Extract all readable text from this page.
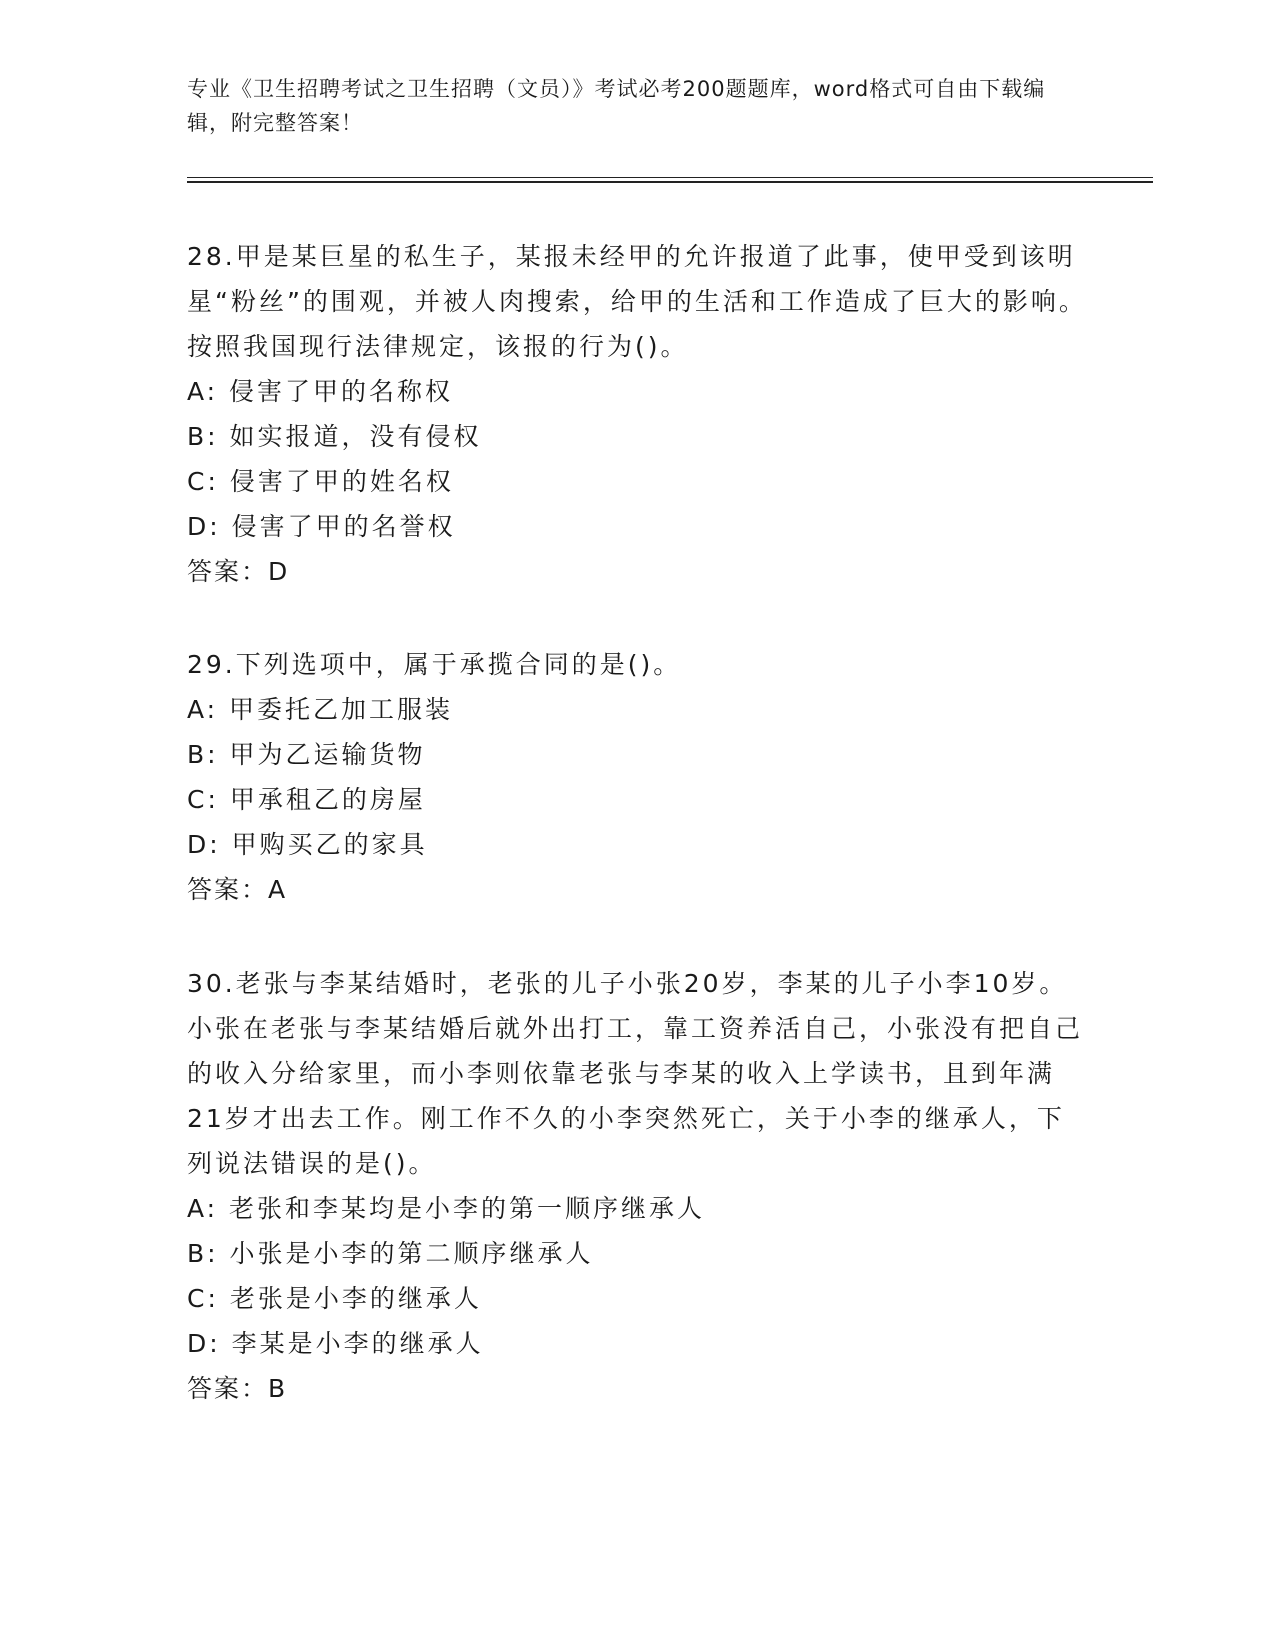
专业《卫生招聘考试之卫生招聘（文员）》考试必考200题题库，word格式可自由下载编辑，附完整答案！
28.甲是某巨星的私生子，某报未经甲的允许报道了此事，使甲受到该明星“粉丝”的围观，并被人肉搜索，给甲的生活和工作造成了巨大的影响。按照我国现行法律规定，该报的行为()。
A: 侵害了甲的名称权
B: 如实报道，没有侵权
C: 侵害了甲的姓名权
D: 侵害了甲的名誉权
答案：D
29.下列选项中，属于承揽合同的是()。
A: 甲委托乙加工服装
B: 甲为乙运输货物
C: 甲承租乙的房屋
D: 甲购买乙的家具
答案：A
30.老张与李某结婚时，老张的儿子小张20岁，李某的儿子小李10岁。小张在老张与李某结婚后就外出打工，靠工资养活自己，小张没有把自己的收入分给家里，而小李则依靠老张与李某的收入上学读书，且到年满21岁才出去工作。刚工作不久的小李突然死亡，关于小李的继承人，下列说法错误的是()。
A: 老张和李某均是小李的第一顺序继承人
B: 小张是小李的第二顺序继承人
C: 老张是小李的继承人
D: 李某是小李的继承人
答案：B
